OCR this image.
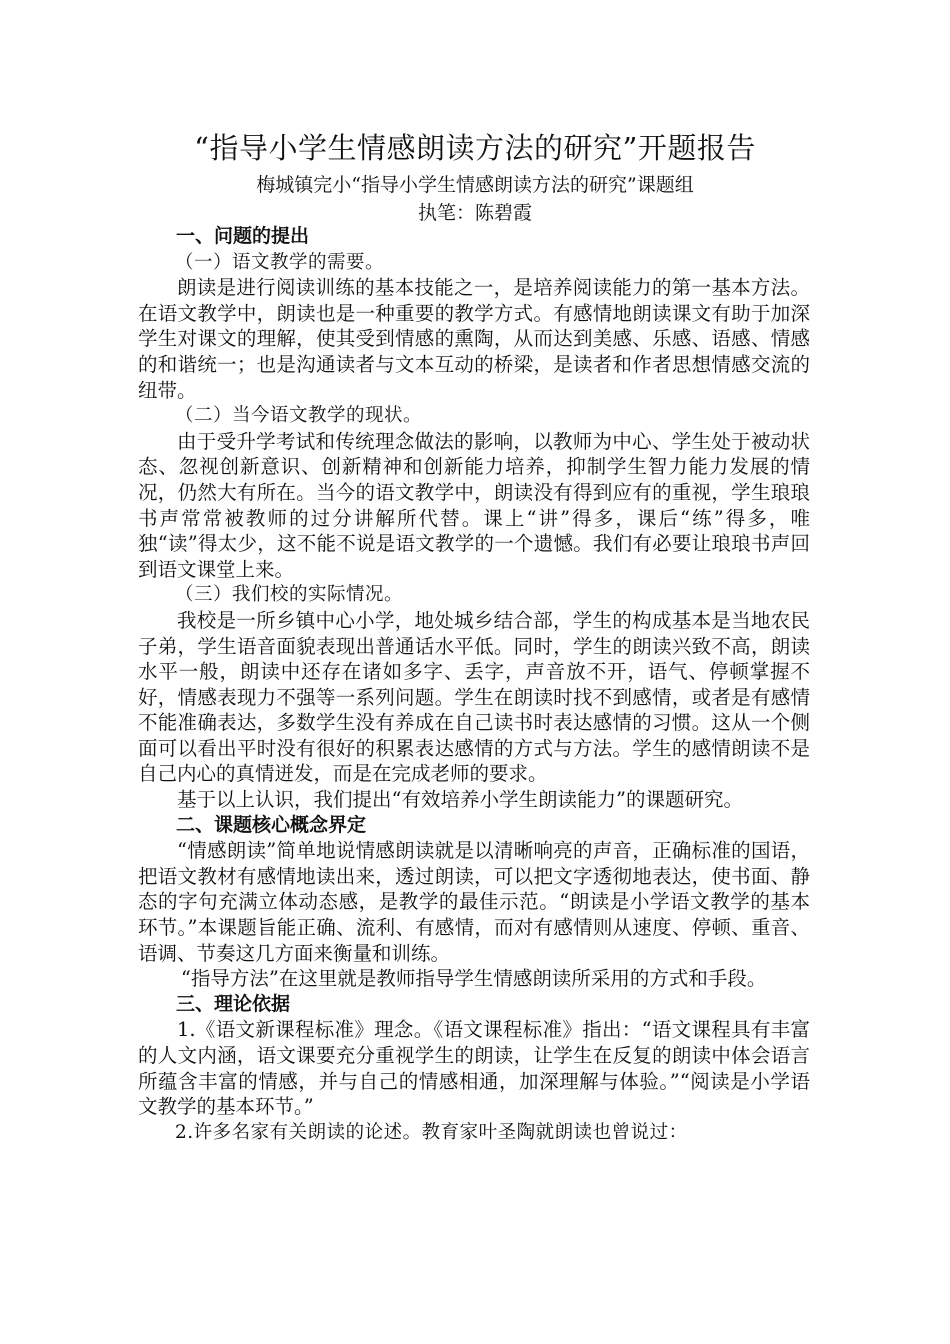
“指导小学生情感朗读方法的研究”开题报告
梅城镇完小“指导小学生情感朗读方法的研究”课题组
执笔：陈碧霞

一、问题的提出

（一）语文教学的需要。

朗读是进行阅读训练的基本技能之一，是培养阅读能力的第一基本方法。在语文教学中，朗读也是一种重要的教学方式。有感情地朗读课文有助于加深学生对课文的理解，使其受到情感的熏陶，从而达到美感、乐感、语感、情感的和谐统一；也是沟通读者与文本互动的桥梁，是读者和作者思想情感交流的纽带。

（二）当今语文教学的现状。

由于受升学考试和传统理念做法的影响，以教师为中心、学生处于被动状态、忽视创新意识、创新精神和创新能力培养，抑制学生智力能力发展的情况，仍然大有所在。当今的语文教学中，朗读没有得到应有的重视，学生琅琅书声常常被教师的过分讲解所代替。课上“讲”得多，课后“练”得多，唯独“读”得太少，这不能不说是语文教学的一个遗憾。我们有必要让琅琅书声回到语文课堂上来。

（三）我们校的实际情况。

我校是一所乡镇中心小学，地处城乡结合部，学生的构成基本是当地农民子弟，学生语音面貌表现出普通话水平低。同时，学生的朗读兴致不高，朗读水平一般，朗读中还存在诸如多字、丢字，声音放不开，语气、停顿掌握不好，情感表现力不强等一系列问题。学生在朗读时找不到感情，或者是有感情不能准确表达，多数学生没有养成在自己读书时表达感情的习惯。这从一个侧面可以看出平时没有很好的积累表达感情的方式与方法。学生的感情朗读不是自己内心的真情迸发，而是在完成老师的要求。

基于以上认识，我们提出“有效培养小学生朗读能力”的课题研究。

二、课题核心概念界定

“情感朗读”简单地说情感朗读就是以清晰响亮的声音，正确标准的国语，把语文教材有感情地读出来，透过朗读，可以把文字透彻地表达，使书面、静态的字句充满立体动态感，是教学的最佳示范。“朗读是小学语文教学的基本环节。”本课题旨能正确、流利、有感情，而对有感情则从速度、停顿、重音、语调、节奏这几方面来衡量和训练。

“指导方法”在这里就是教师指导学生情感朗读所采用的方式和手段。

三、理论依据

1.《语文新课程标准》理念。《语文课程标准》指出：“语文课程具有丰富的人文内涵，语文课要充分重视学生的朗读，让学生在反复的朗读中体会语言所蕴含丰富的情感，并与自己的情感相通，加深理解与体验。”“阅读是小学语文教学的基本环节。”

2.许多名家有关朗读的论述。教育家叶圣陶就朗读也曾说过：
